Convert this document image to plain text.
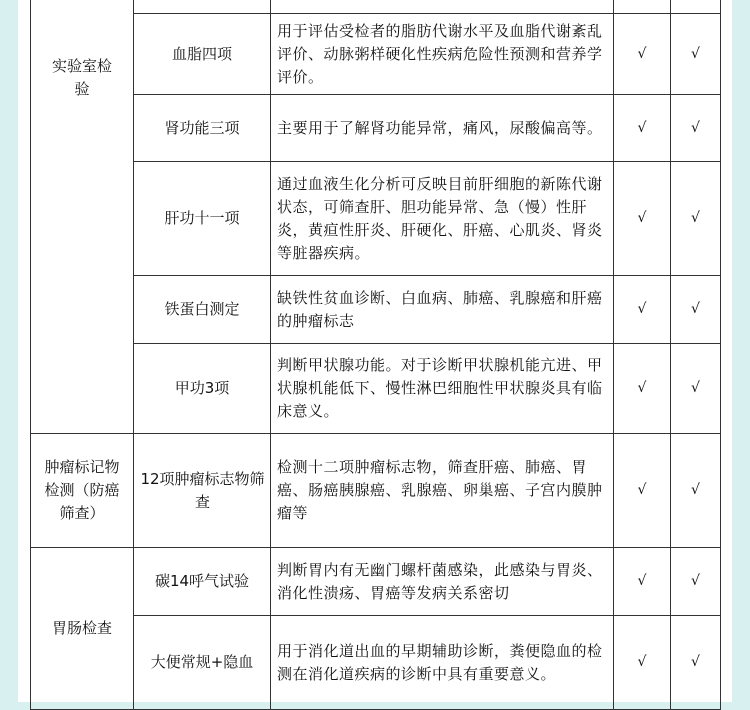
实验室检验				

	血脂四项	用于评估受检者的脂肪代谢水平及血脂代谢紊乱评价、动脉粥样硬化性疾病危险性预测和营养学评价。	√	√
	肾功能三项	主要用于了解肾功能异常，痛风，尿酸偏高等。	√	√
	肝功十一项	通过血液生化分析可反映目前肝细胞的新陈代谢状态，可筛查肝、胆功能异常、急（慢）性肝炎，黄疸性肝炎、肝硬化、肝癌、心肌炎、肾炎等脏器疾病。	√	√
	铁蛋白测定	缺铁性贫血诊断、白血病、肺癌、乳腺癌和肝癌的肿瘤标志	√	√
	甲功3项	判断甲状腺功能。对于诊断甲状腺机能亢进、甲状腺机能低下、慢性淋巴细胞性甲状腺炎具有临床意义。	√	√

肿瘤标记物检测（防癌筛查）	12项肿瘤标志物筛查	检测十二项肿瘤标志物，筛查肝癌、肺癌、胃癌、肠癌胰腺癌、乳腺癌、卵巢癌、子宫内膜肿瘤等	√	√
胃肠检查	碳14呼气试验	判断胃内有无幽门螺杆菌感染，此感染与胃炎、消化性溃疡、胃癌等发病关系密切	√	√
	大便常规+隐血	用于消化道出血的早期辅助诊断，粪便隐血的检测在消化道疾病的诊断中具有重要意义。	√	√
